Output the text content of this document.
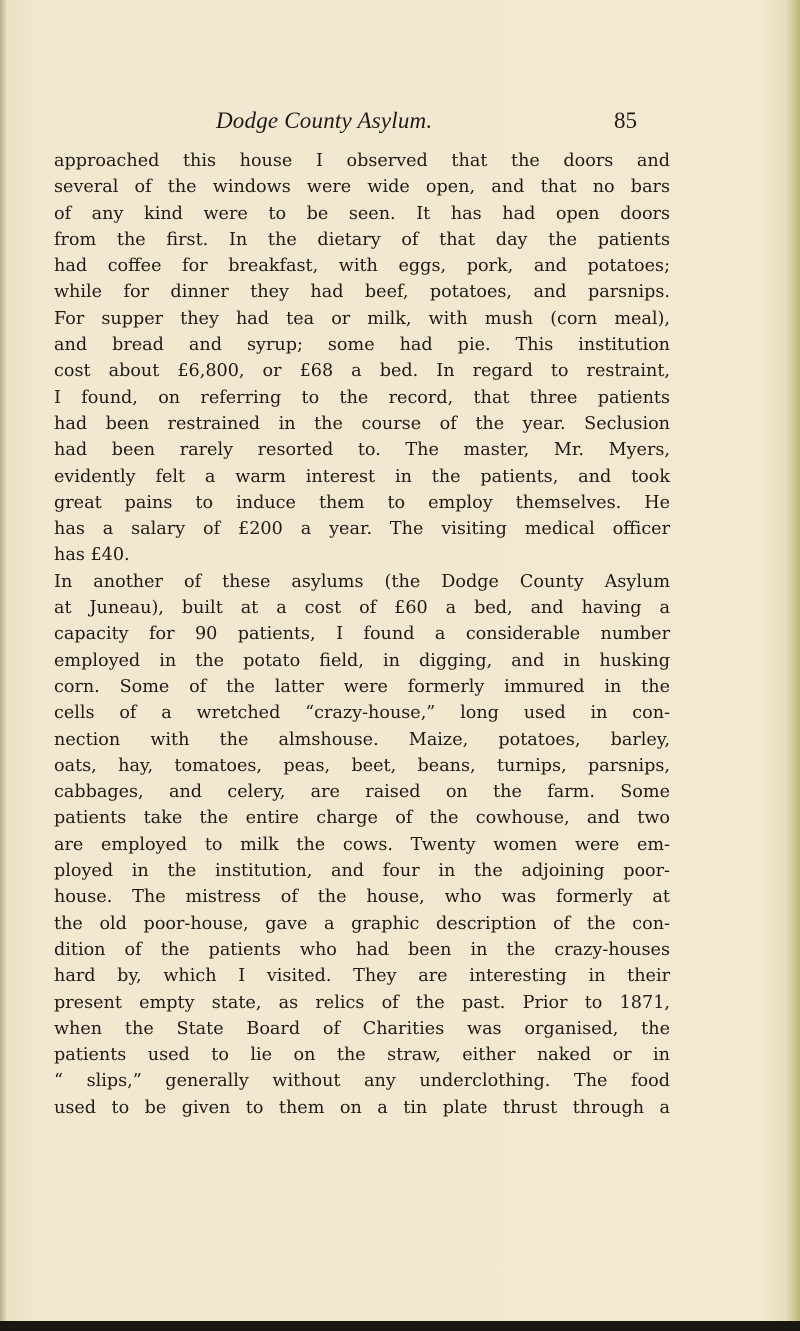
Dodge County Asylum.	85
approached this house I observed that the doors and
several of the windows were wide open, and that no bars
of any kind were to be seen. It has had open doors
from the first. In the dietary of that day the patients
had coffee for breakfast, with eggs, pork, and potatoes;
while for dinner they had beef, potatoes, and parsnips.
For supper they had tea or milk, with mush (corn meal),
and bread and syrup; some had pie. This institution
cost about £6,800, or £68 a bed. In regard to restraint,
I found, on referring to the record, that three patients
had been restrained in the course of the year. Seclusion
had been rarely resorted to. The master, Mr. Myers,
evidently felt a warm interest in the patients, and took
great pains to induce them to employ themselves. He
has a salary of £200 a year. The visiting medical officer
has £40.
In another of these asylums (the Dodge County Asylum
at Juneau), built at a cost of £60 a bed, and having a
capacity for 90 patients, I found a considerable number
employed in the potato field, in digging, and in husking
corn. Some of the latter were formerly immured in the
cells of a wretched “crazy-house,” long used in con-
nection with the almshouse. Maize, potatoes, barley,
oats, hay, tomatoes, peas, beet, beans, turnips, parsnips,
cabbages, and celery, are raised on the farm. Some
patients take the entire charge of the cowhouse, and two
are employed to milk the cows. Twenty women were em-
ployed in the institution, and four in the adjoining poor-
house. The mistress of the house, who was formerly at
the old poor-house, gave a graphic description of the con-
dition of the patients who had been in the crazy-houses
hard by, which I visited. They are interesting in their
present empty state, as relics of the past. Prior to 1871,
when the State Board of Charities was organised, the
patients used to lie on the straw, either naked or in
“ slips,” generally without any underclothing. The food
used to be given to them on a tin plate thrust through a
